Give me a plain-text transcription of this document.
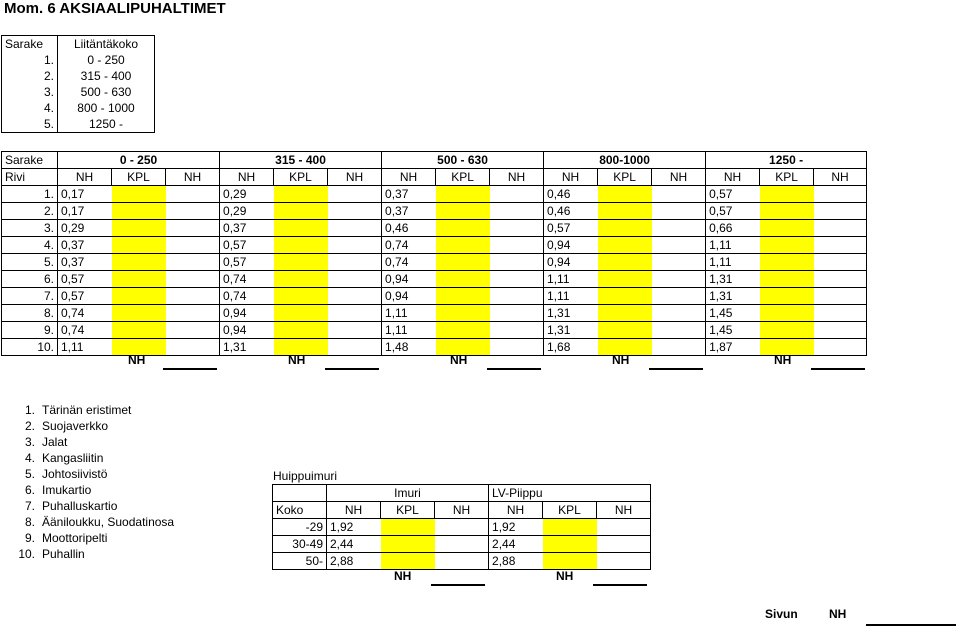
Mom. 6 AKSIAALIPUHALTIMET
Sarake	Liitäntäkoko
1.	0 - 250
2.	315 - 400
3.	500 - 630
4.	800 - 1000
5.	1250 -
Sarake	0 - 250			315 - 400			500 - 630			800-1000			1250 -		
Rivi	NH	KPL	NH	NH	KPL	NH	NH	KPL	NH	NH	KPL	NH	NH	KPL	NH
1.	0,17			0,29			0,37			0,46			0,57		
2.	0,17			0,29			0,37			0,46			0,57		
3.	0,29			0,37			0,46			0,57			0,66		
4.	0,37			0,57			0,74			0,94			1,11		
5.	0,37			0,57			0,74			0,94			1,11		
6.	0,57			0,74			0,94			1,11			1,31		
7.	0,57			0,74			0,94			1,11			1,31		
8.	0,74			0,94			1,11			1,31			1,45		
9.	0,74			0,94			1,11			1,31			1,45		
10.	1,11			1,31			1,48			1,68			1,87		
NH	NH	NH	NH	NH
1. Tärinän eristimet
2. Suojaverkko
3. Jalat
4. Kangasliitin
5. Johtosiivistö
6. Imukartio
7. Puhalluskartio
8. Ääniloukku, Suodatinosa
9. Moottoripelti
10. Puhallin
Huippuimuri
	Imuri			LV-Piippu		
Koko	NH	KPL	NH	NH	KPL	NH
-29	1,92			1,92		
30-49	2,44			2,44		
50-	2,88			2,88		
NH	NH
Sivun	NH
